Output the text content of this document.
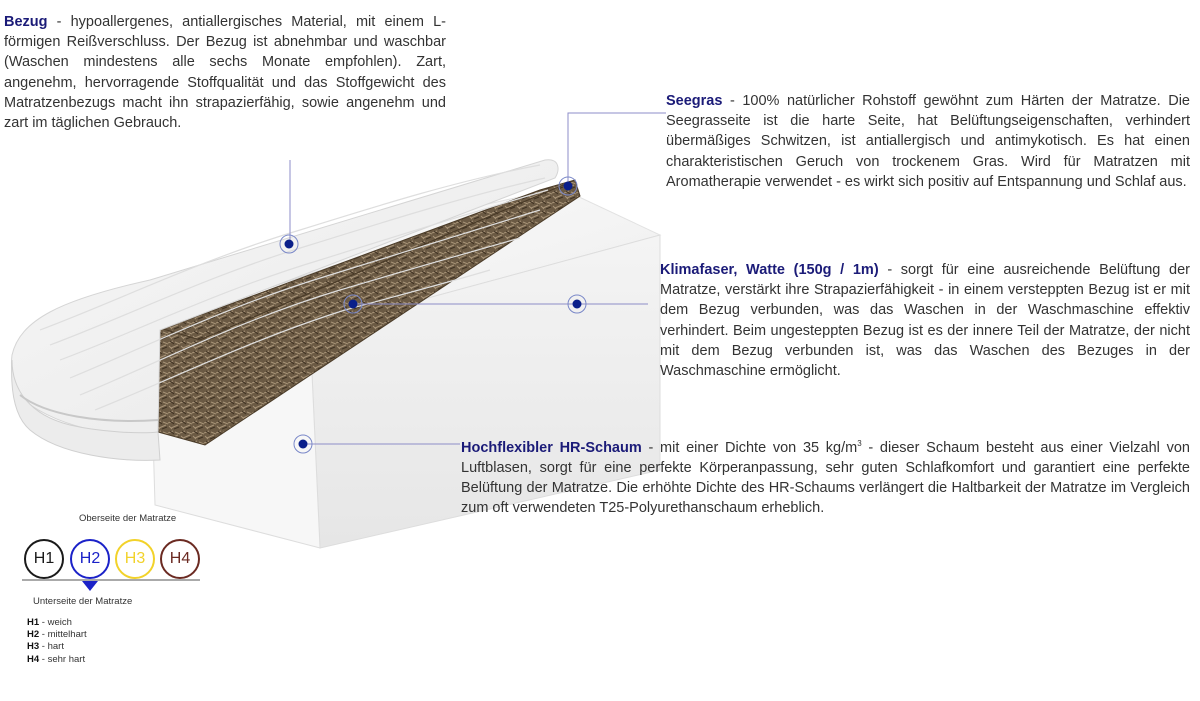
H1 H2 H3 H4
Oberseite der Matratze
Unterseite der Matratze
H1 - weich
H2 - mittelhart
H3 - hart
H4 - sehr hart
Bezug - hypoallergenes, antiallergisches Material, mit einem L-förmigen Reißverschluss. Der Bezug ist abnehmbar und waschbar (Waschen mindestens alle sechs Monate empfohlen). Zart, angenehm, hervorragende Stoffqualität und das Stoffgewicht des Matratzenbezugs macht ihn strapazierfähig, sowie angenehm und zart im täglichen Gebrauch.
Seegras - 100% natürlicher Rohstoff gewöhnt zum Härten der Matratze. Die Seegrasseite ist die harte Seite, hat Belüftungseigenschaften, verhindert übermäßiges Schwitzen, ist antiallergisch und antimykotisch. Es hat einen charakteristischen Geruch von trockenem Gras. Wird für Matratzen mit Aromatherapie verwendet - es wirkt sich positiv auf Entspannung und Schlaf aus.
Klimafaser, Watte (150g / 1m) - sorgt für eine ausreichende Belüftung der Matratze, verstärkt ihre Strapazierfähigkeit - in einem versteppten Bezug ist er mit dem Bezug verbunden, was das Waschen in der Waschmaschine effektiv verhindert. Beim ungesteppten Bezug ist es der innere Teil der Matratze, der nicht mit dem Bezug verbunden ist, was das Waschen des Bezuges in der Waschmaschine ermöglicht.
Hochflexibler HR-Schaum - mit einer Dichte von 35 $kg/m^3$ - dieser Schaum besteht aus einer Vielzahl von Luftblasen, sorgt für eine perfekte Körperanpassung, sehr guten Schlafkomfort und garantiert eine perfekte Belüftung der Matratze. Die erhöhte Dichte des HR-Schaums verlängert die Haltbarkeit der Matratze im Vergleich zum oft verwendeten T25-Polyurethanschaum erheblich.
